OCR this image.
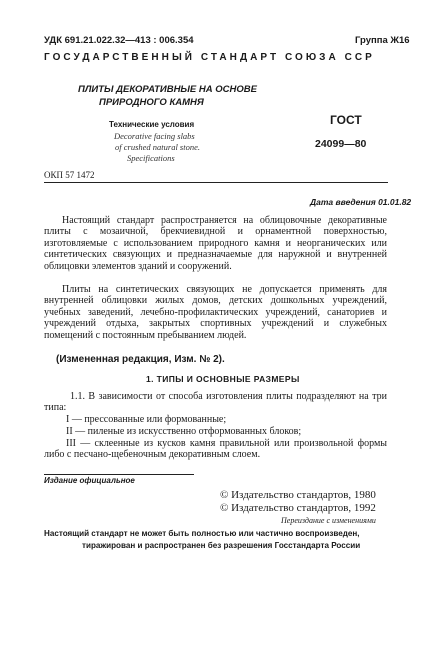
УДК 691.21.022.32—413 : 006.354	Группа Ж16
ГОСУДАРСТВЕННЫЙ СТАНДАРТ СОЮЗА ССР
ПЛИТЫ ДЕКОРАТИВНЫЕ НА ОСНОВЕ
ПРИРОДНОГО КАМНЯ
Технические условия
Decorative facing slabs
of crushed natural stone.
Specifications
ГОСТ
24099—80
ОКП 57 1472
Дата введения 01.01.82
Настоящий стандарт распространяется на облицовочные декоративные плиты с мозаичной, брекчиевидной и орнаментной поверхностью, изготовляемые с использованием природного камня и неорганических или синтетических связующих и предназначаемые для наружной и внутренней облицовки элементов зданий и сооружений.
Плиты на синтетических связующих не допускается применять для внутренней облицовки жилых домов, детских дошкольных учреждений, учебных заведений, лечебно-профилактических учреждений, санаториев и учреждений отдыха, закрытых спортивных учреждений и служебных помещений с постоянным пребыванием людей.
(Измененная редакция, Изм. № 2).
1. ТИПЫ И ОСНОВНЫЕ РАЗМЕРЫ
1.1. В зависимости от способа изготовления плиты подразделяют на три типа:
I — прессованные или формованные;
II — пиленые из искусственно отформованных блоков;
III — склеенные из кусков камня правильной или произвольной формы либо с песчано-щебеночным декоративным слоем.
Издание официальное
© Издательство стандартов, 1980
© Издательство стандартов, 1992
Переиздание с изменениями
Настоящий стандарт не может быть полностью или частично воспроизведен,
тиражирован и распространен без разрешения Госстандарта России
